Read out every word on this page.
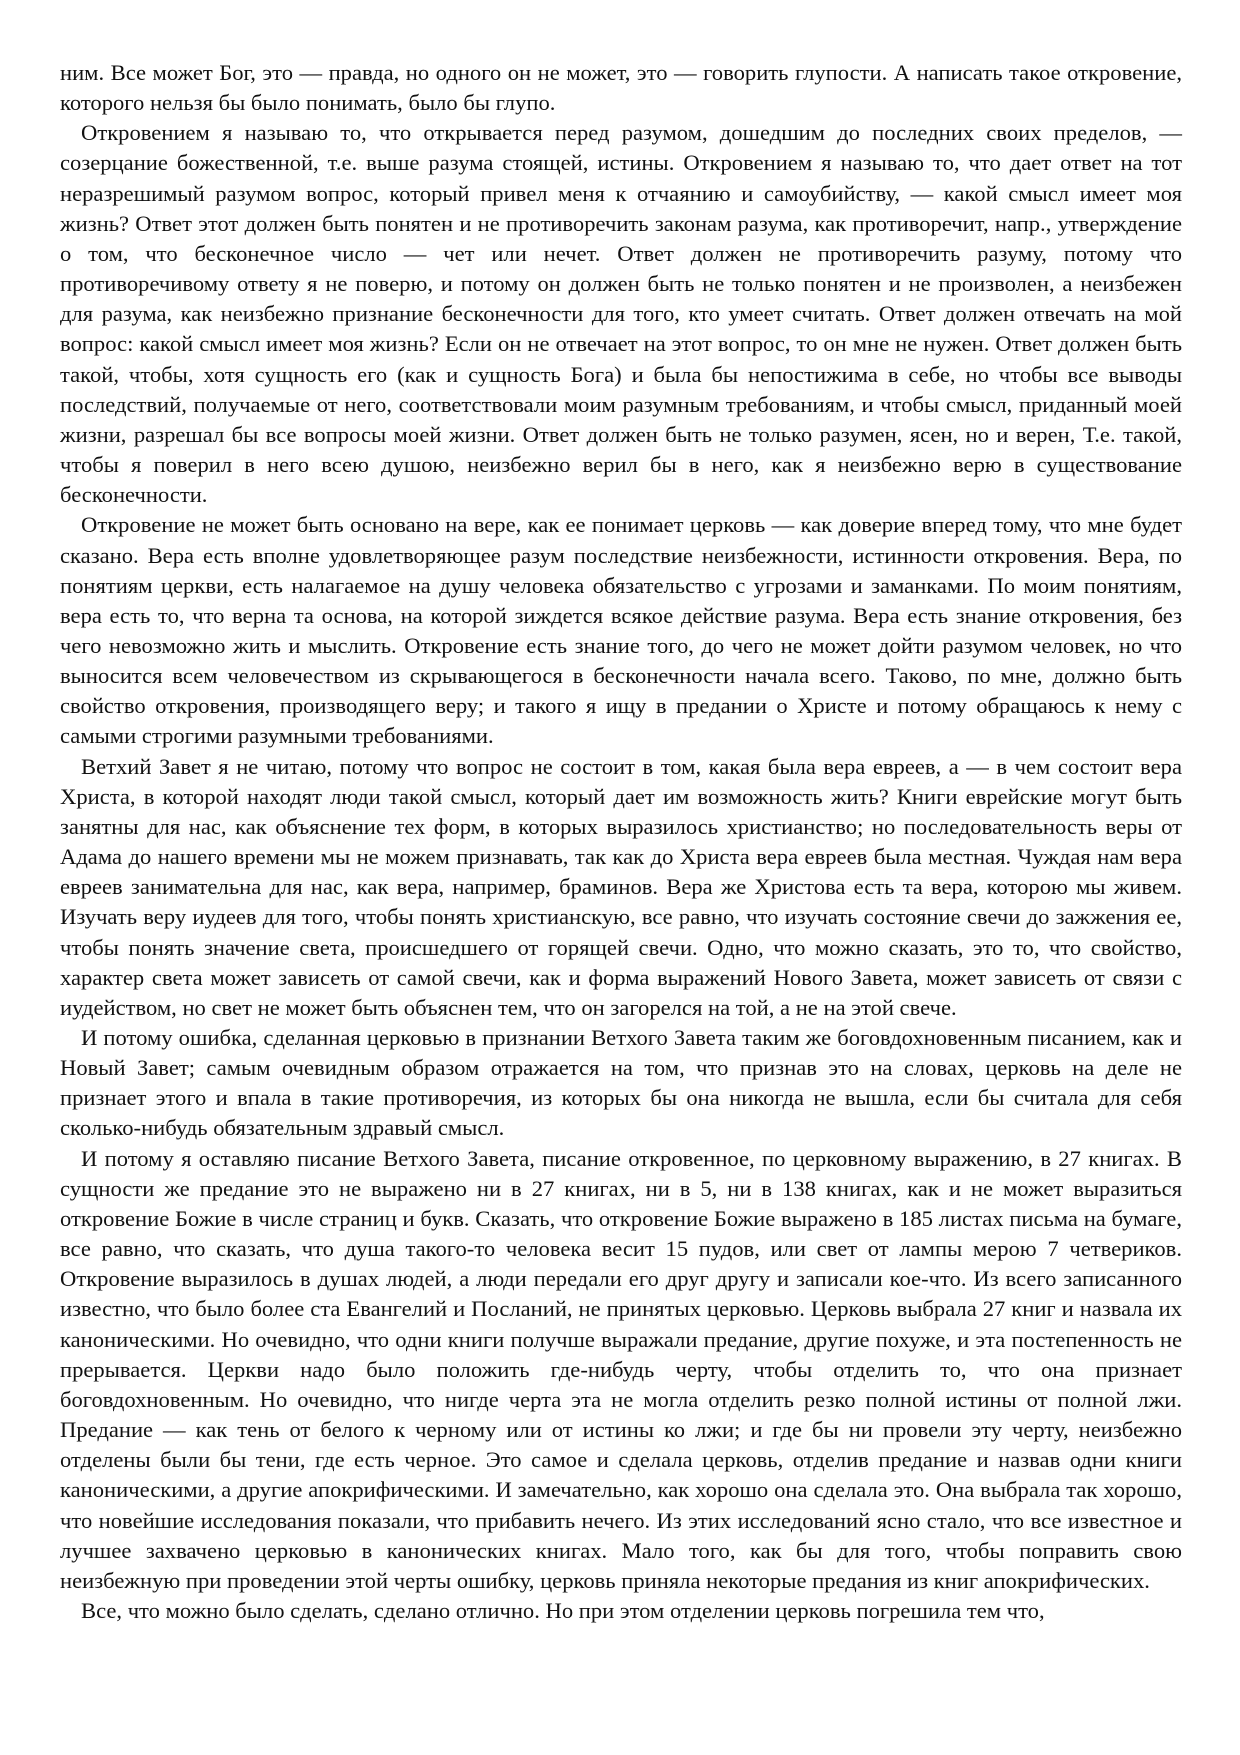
ним. Все может Бог, это — правда, но одного он не может, это — говорить глупости. А написать такое откровение, которого нельзя бы было понимать, было бы глупо.

Откровением я называю то, что открывается перед разумом, дошедшим до последних своих пределов, — созерцание божественной, т.е. выше разума стоящей, истины. Откровением я называю то, что дает ответ на тот неразрешимый разумом вопрос, который привел меня к отчаянию и самоубийству, — какой смысл имеет моя жизнь? Ответ этот должен быть понятен и не противоречить законам разума, как противоречит, напр., утверждение о том, что бесконечное число — чет или нечет. Ответ должен не противоречить разуму, потому что противоречивому ответу я не поверю, и потому он должен быть не только понятен и не произволен, а неизбежен для разума, как неизбежно признание бесконечности для того, кто умеет считать. Ответ должен отвечать на мой вопрос: какой смысл имеет моя жизнь? Если он не отвечает на этот вопрос, то он мне не нужен. Ответ должен быть такой, чтобы, хотя сущность его (как и сущность Бога) и была бы непостижима в себе, но чтобы все выводы последствий, получаемые от него, соответствовали моим разумным требованиям, и чтобы смысл, приданный моей жизни, разрешал бы все вопросы моей жизни. Ответ должен быть не только разумен, ясен, но и верен, Т.е. такой, чтобы я поверил в него всею душою, неизбежно верил бы в него, как я неизбежно верю в существование бесконечности.

Откровение не может быть основано на вере, как ее понимает церковь — как доверие вперед тому, что мне будет сказано. Вера есть вполне удовлетворяющее разум последствие неизбежности, истинности откровения. Вера, по понятиям церкви, есть налагаемое на душу человека обязательство с угрозами и заманками. По моим понятиям, вера есть то, что верна та основа, на которой зиждется всякое действие разума. Вера есть знание откровения, без чего невозможно жить и мыслить. Откровение есть знание того, до чего не может дойти разумом человек, но что выносится всем человечеством из скрывающегося в бесконечности начала всего. Таково, по мне, должно быть свойство откровения, производящего веру; и такого я ищу в предании о Христе и потому обращаюсь к нему с самыми строгими разумными требованиями.

Ветхий Завет я не читаю, потому что вопрос не состоит в том, какая была вера евреев, а — в чем состоит вера Христа, в которой находят люди такой смысл, который дает им возможность жить? Книги еврейские могут быть занятны для нас, как объяснение тех форм, в которых выразилось христианство; но последовательность веры от Адама до нашего времени мы не можем признавать, так как до Христа вера евреев была местная. Чуждая нам вера евреев занимательна для нас, как вера, например, браминов. Вера же Христова есть та вера, которою мы живем. Изучать веру иудеев для того, чтобы понять христианскую, все равно, что изучать состояние свечи до зажжения ее, чтобы понять значение света, происшедшего от горящей свечи. Одно, что можно сказать, это то, что свойство, характер света может зависеть от самой свечи, как и форма выражений Нового Завета, может зависеть от связи с иудейством, но свет не может быть объяснен тем, что он загорелся на той, а не на этой свече.

И потому ошибка, сделанная церковью в признании Ветхого Завета таким же боговдохновенным писанием, как и Новый Завет; самым очевидным образом отражается на том, что признав это на словах, церковь на деле не признает этого и впала в такие противоречия, из которых бы она никогда не вышла, если бы считала для себя сколько-нибудь обязательным здравый смысл.

И потому я оставляю писание Ветхого Завета, писание откровенное, по церковному выражению, в 27 книгах. В сущности же предание это не выражено ни в 27 книгах, ни в 5, ни в 138 книгах, как и не может выразиться откровение Божие в числе страниц и букв. Сказать, что откровение Божие выражено в 185 листах письма на бумаге, все равно, что сказать, что душа такого-то человека весит 15 пудов, или свет от лампы мерою 7 четвериков. Откровение выразилось в душах людей, а люди передали его друг другу и записали кое-что. Из всего записанного известно, что было более ста Евангелий и Посланий, не принятых церковью. Церковь выбрала 27 книг и назвала их каноническими. Но очевидно, что одни книги получше выражали предание, другие похуже, и эта постепенность не прерывается. Церкви надо было положить где-нибудь черту, чтобы отделить то, что она признает боговдохновенным. Но очевидно, что нигде черта эта не могла отделить резко полной истины от полной лжи. Предание — как тень от белого к черному или от истины ко лжи; и где бы ни провели эту черту, неизбежно отделены были бы тени, где есть черное. Это самое и сделала церковь, отделив предание и назвав одни книги каноническими, а другие апокрифическими. И замечательно, как хорошо она сделала это. Она выбрала так хорошо, что новейшие исследования показали, что прибавить нечего. Из этих исследований ясно стало, что все известное и лучшее захвачено церковью в канонических книгах. Мало того, как бы для того, чтобы поправить свою неизбежную при проведении этой черты ошибку, церковь приняла некоторые предания из книг апокрифических.

Все, что можно было сделать, сделано отлично. Но при этом отделении церковь погрешила тем что,
